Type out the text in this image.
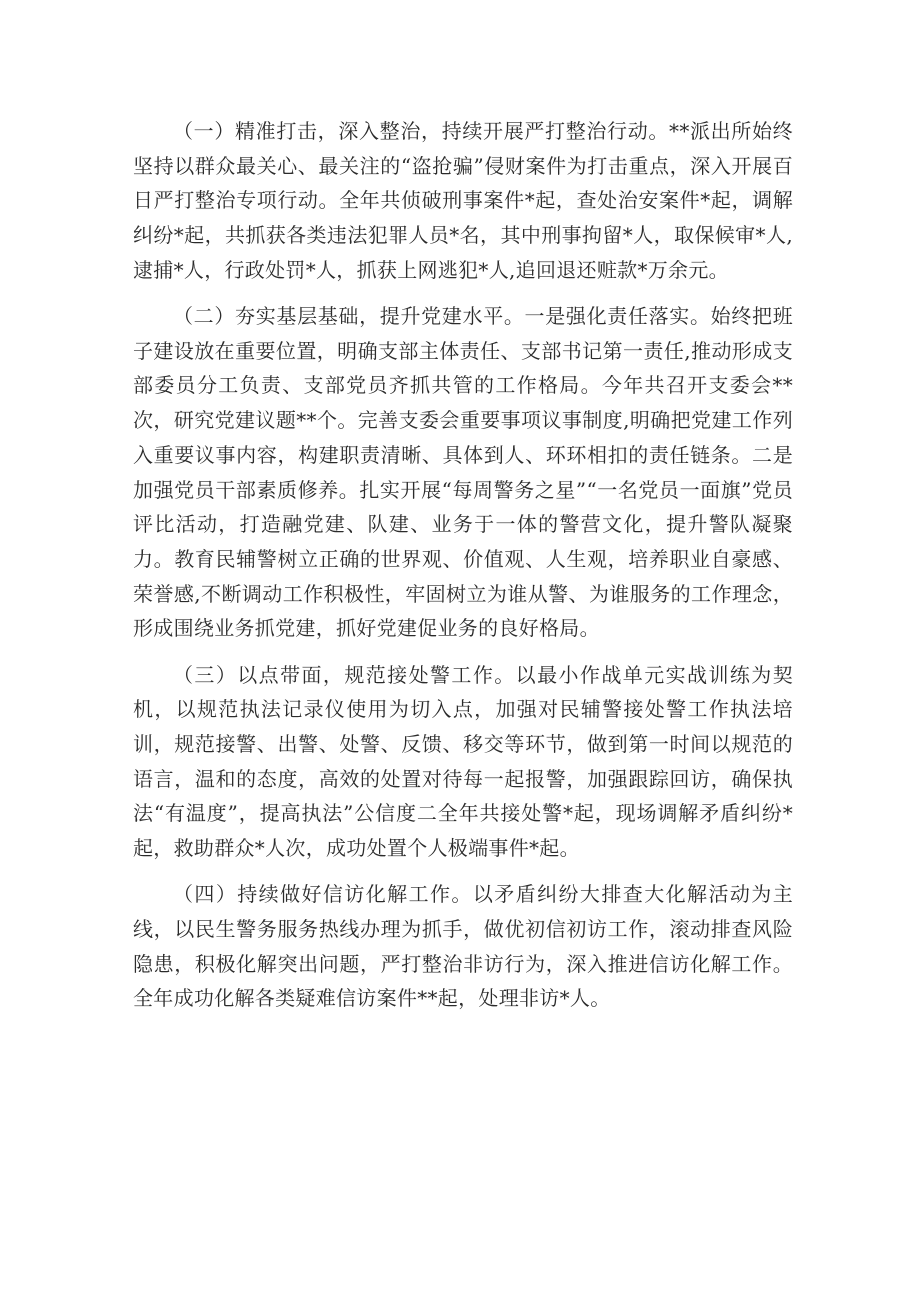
（一）精准打击，深入整治，持续开展严打整治行动。**派出所始终坚持以群众最关心、最关注的“盗抢骗”侵财案件为打击重点，深入开展百日严打整治专项行动。全年共侦破刑事案件*起，查处治安案件*起，调解纠纷*起，共抓获各类违法犯罪人员*名，其中刑事拘留*人，取保候审*人,逮捕*人，行政处罚*人，抓获上网逃犯*人,追回退还赃款*万余元。

（二）夯实基层基础，提升党建水平。一是强化责任落实。始终把班子建设放在重要位置，明确支部主体责任、支部书记第一责任,推动形成支部委员分工负责、支部党员齐抓共管的工作格局。今年共召开支委会**次，研究党建议题**个。完善支委会重要事项议事制度,明确把党建工作列入重要议事内容，构建职责清晰、具体到人、环环相扣的责任链条。二是加强党员干部素质修养。扎实开展“每周警务之星”“一名党员一面旗”党员评比活动，打造融党建、队建、业务于一体的警营文化，提升警队凝聚力。教育民辅警树立正确的世界观、价值观、人生观，培养职业自豪感、荣誉感,不断调动工作积极性，牢固树立为谁从警、为谁服务的工作理念，形成围绕业务抓党建，抓好党建促业务的良好格局。

（三）以点带面，规范接处警工作。以最小作战单元实战训练为契机，以规范执法记录仪使用为切入点，加强对民辅警接处警工作执法培训，规范接警、出警、处警、反馈、移交等环节，做到第一时间以规范的语言，温和的态度，高效的处置对待每一起报警，加强跟踪回访，确保执法“有温度”，提高执法”公信度二全年共接处警*起，现场调解矛盾纠纷*起，救助群众*人次，成功处置个人极端事件*起。

（四）持续做好信访化解工作。以矛盾纠纷大排查大化解活动为主线，以民生警务服务热线办理为抓手，做优初信初访工作，滚动排查风险隐患，积极化解突出问题，严打整治非访行为，深入推进信访化解工作。全年成功化解各类疑难信访案件**起，处理非访*人。
